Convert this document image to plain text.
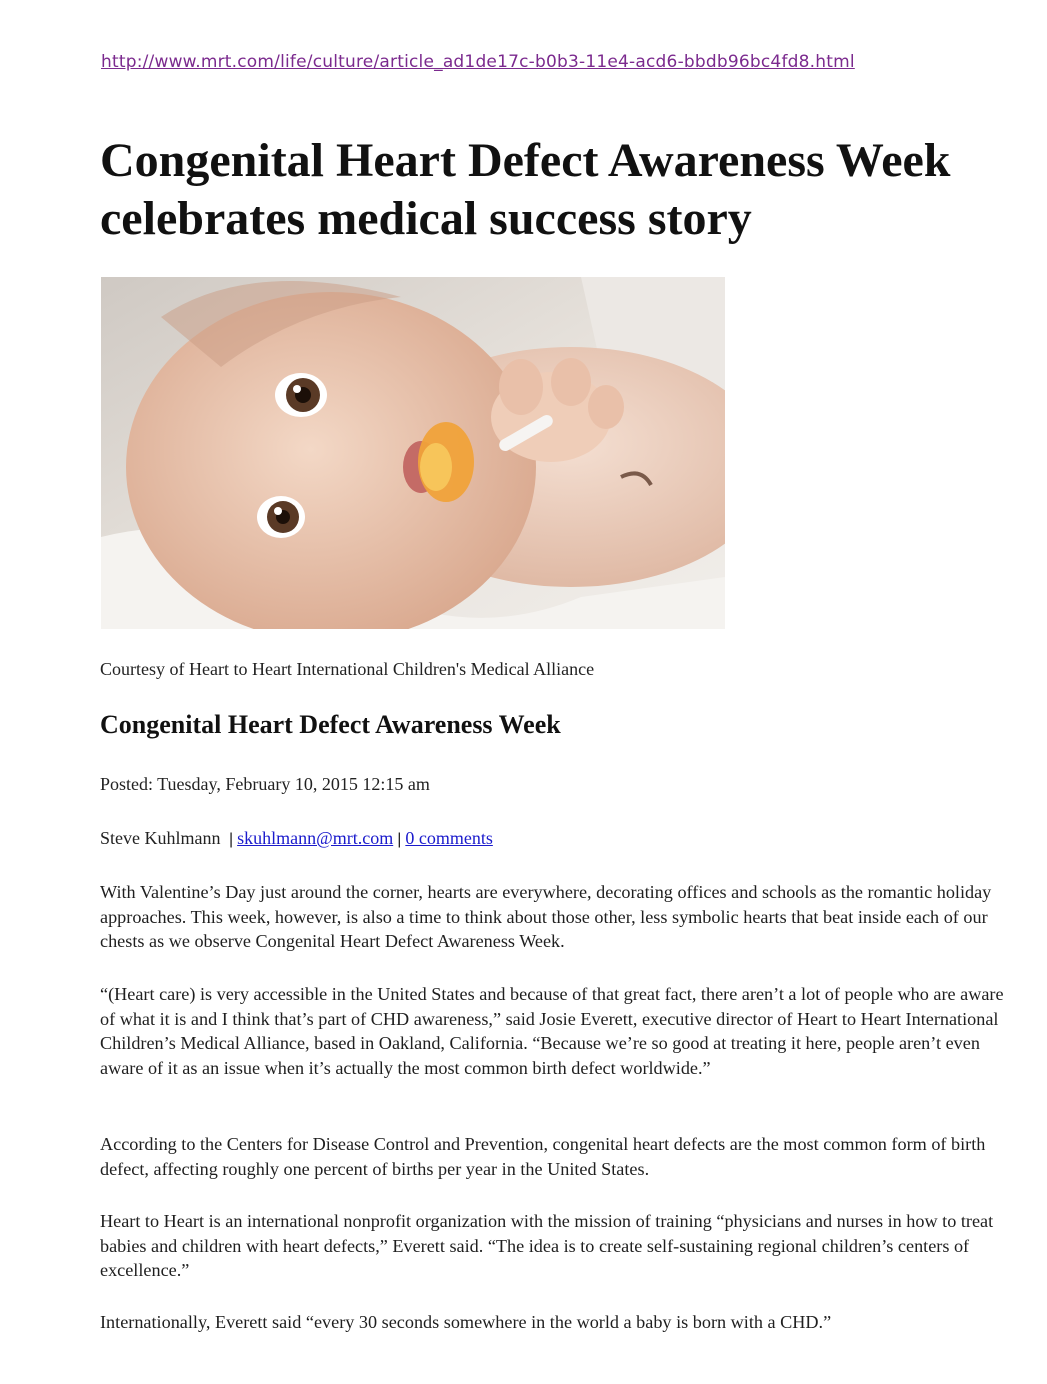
http://www.mrt.com/life/culture/article_ad1de17c-b0b3-11e4-acd6-bbdb96bc4fd8.html
Congenital Heart Defect Awareness Week celebrates medical success story

Courtesy of Heart to Heart International Children's Medical Alliance

Congenital Heart Defect Awareness Week

Posted: Tuesday, February 10, 2015 12:15 am

Steve Kuhlmann | skuhlmann@mrt.com | 0 comments

With Valentine’s Day just around the corner, hearts are everywhere, decorating offices and schools as the romantic holiday approaches. This week, however, is also a time to think about those other, less symbolic hearts that beat inside each of our chests as we observe Congenital Heart Defect Awareness Week.

“(Heart care) is very accessible in the United States and because of that great fact, there aren’t a lot of people who are aware of what it is and I think that’s part of CHD awareness,” said Josie Everett, executive director of Heart to Heart International Children’s Medical Alliance, based in Oakland, California. “Because we’re so good at treating it here, people aren’t even aware of it as an issue when it’s actually the most common birth defect worldwide.”

According to the Centers for Disease Control and Prevention, congenital heart defects are the most common form of birth defect, affecting roughly one percent of births per year in the United States.

Heart to Heart is an international nonprofit organization with the mission of training “physicians and nurses in how to treat babies and children with heart defects,” Everett said. “The idea is to create self-sustaining regional children’s centers of excellence.”

Internationally, Everett said “every 30 seconds somewhere in the world a baby is born with a CHD.”
